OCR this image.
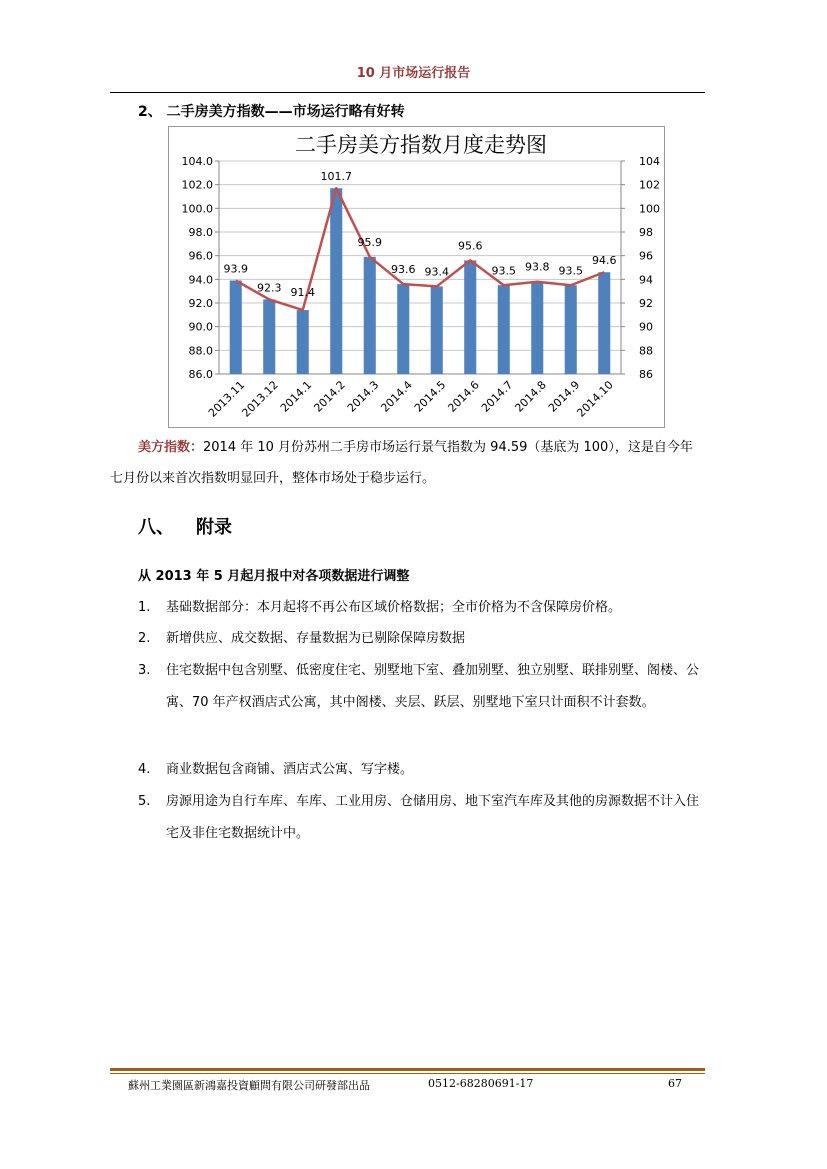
10 月市场运行报告
2、 二手房美方指数——市场运行略有好转
二手房美方指数月度走势图
86.0	86
88.0	88
90.0	90
92.0	92
94.0	94
96.0	96
98.0	98
100.0	100
102.0	102
104.0	104
93.9
92.3 91.4
101.7
95.9
93.6 93.4
95.6
93.5 93.8 93.5
94.6
2013.11
2013.12
2014.1
2014.2
2014.3
2014.4
2014.5
2014.6
2014.7
2014.8
2014.9
2014.10
美方指数：2014 年 10 月份苏州二手房市场运行景气指数为 94.59（基底为 100），这是自今年七月份以来首次指数明显回升，整体市场处于稳步运行。
八、 附录
从 2013 年 5 月起月报中对各项数据进行调整
1. 基础数据部分：本月起将不再公布区域价格数据；全市价格为不含保障房价格。
2. 新增供应、成交数据、存量数据为已剔除保障房数据
3. 住宅数据中包含别墅、低密度住宅、别墅地下室、叠加别墅、独立别墅、联排别墅、阁楼、公寓、70 年产权酒店式公寓，其中阁楼、夹层、跃层、别墅地下室只计面积不计套数。
4. 商业数据包含商铺、酒店式公寓、写字楼。
5. 房源用途为自行车库、车库、工业用房、仓储用房、地下室汽车库及其他的房源数据不计入住宅及非住宅数据统计中。
蘇州工業園區新鴻嘉投資顧問有限公司研發部出品	0512-68280691-17	67
